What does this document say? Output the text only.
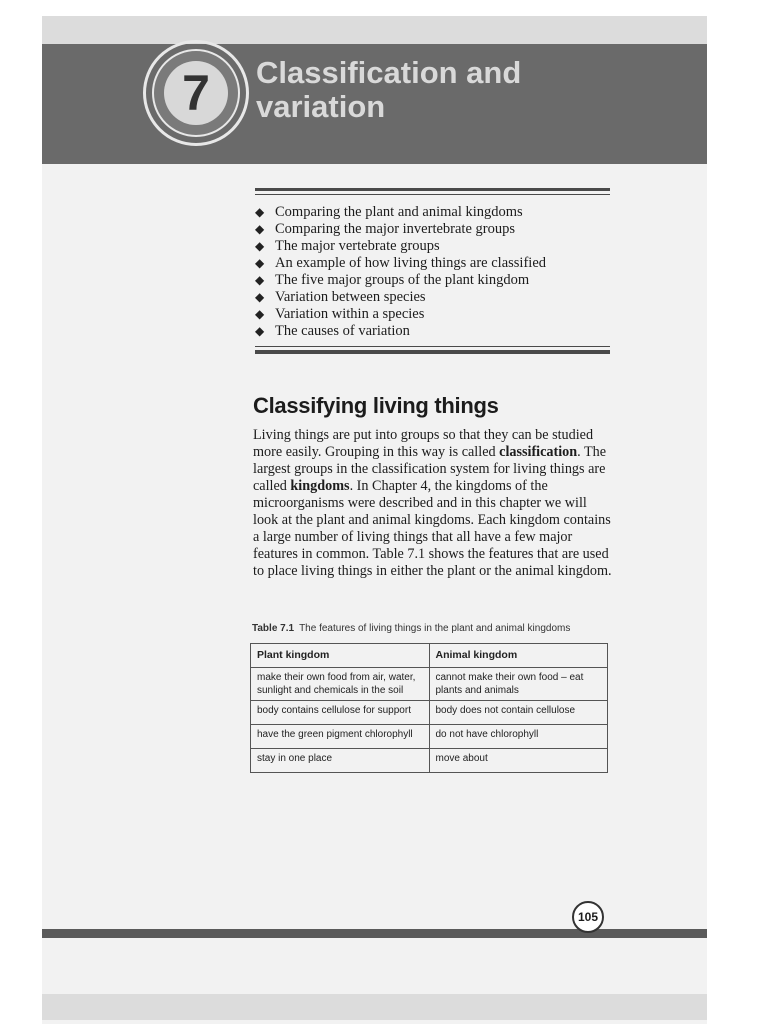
7	Classification and
variation
◆ Comparing the plant and animal kingdoms
◆ Comparing the major invertebrate groups
◆ The major vertebrate groups
◆ An example of how living things are classified
◆ The five major groups of the plant kingdom
◆ Variation between species
◆ Variation within a species
◆ The causes of variation
Classifying living things

Living things are put into groups so that they can be studied more easily. Grouping in this way is called classification. The largest groups in the classification system for living things are called kingdoms. In Chapter 4, the kingdoms of the microorganisms were described and in this chapter we will look at the plant and animal kingdoms. Each kingdom contains a large number of living things that all have a few major features in common. Table 7.1 shows the features that are used to place living things in either the plant or the animal kingdom.

Table 7.1 The features of living things in the plant and animal kingdoms
Plant kingdom	Animal kingdom
make their own food from air, water, sunlight and chemicals in the soil	cannot make their own food – eat plants and animals
body contains cellulose for support	body does not contain cellulose
have the green pigment chlorophyll	do not have chlorophyll
stay in one place	move about
105
